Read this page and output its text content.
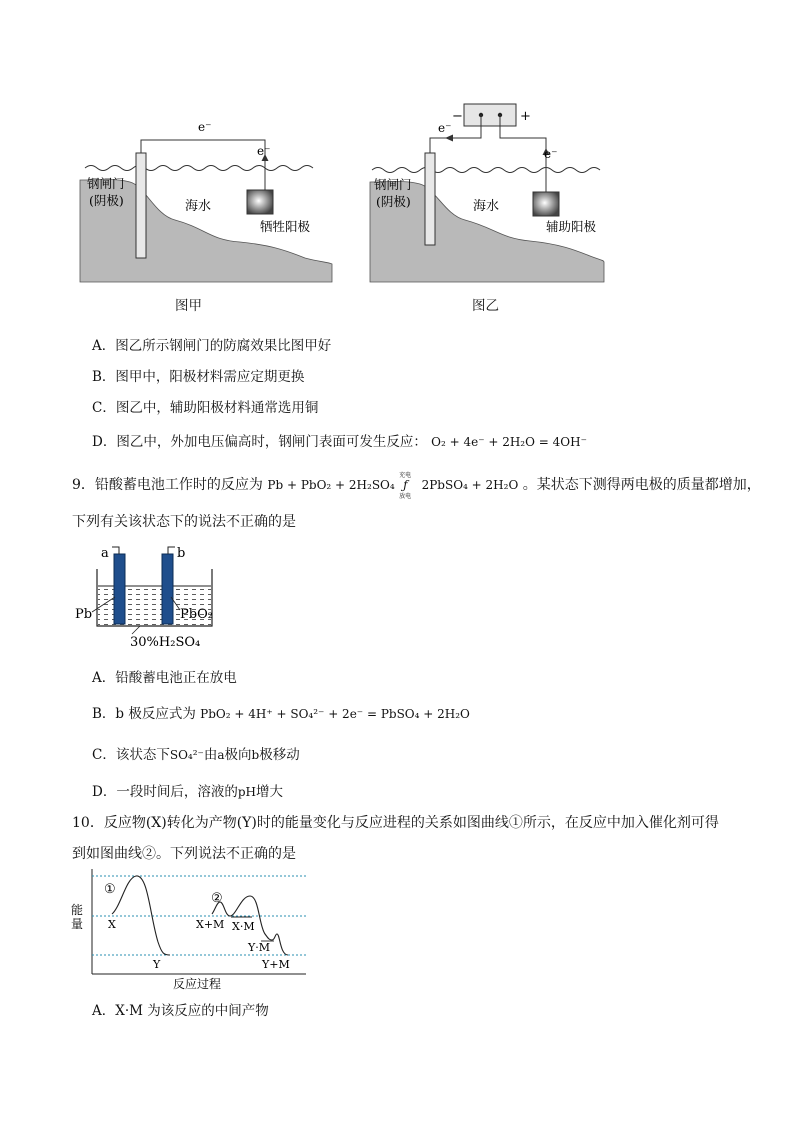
e⁻
e⁻
钢闸门
(阴极)	海水
牺牲阳极
图甲
−	+
e⁻
e⁻
钢闸门
(阴极)	海水
辅助阳极
图乙
A．图乙所示钢闸门的防腐效果比图甲好
B．图甲中，阳极材料需应定期更换
C．图乙中，辅助阳极材料通常选用铜
D．图乙中，外加电压偏高时，钢闸门表面可发生反应： O₂ + 4e⁻ + 2H₂O = 4OH⁻
9．铅酸蓄电池工作时的反应为 Pb + PbO₂ + 2H₂SO₄
充电
ƒ
放电
2PbSO₄ + 2H₂O 。某状态下测得两电极的质量都增加，
下列有关该状态下的说法不正确的是
a	b
Pb	PbO₂
30%H₂SO₄
A．铅酸蓄电池正在放电
B．b 极反应式为 PbO₂ + 4H⁺ + SO₄²⁻ + 2e⁻ = PbSO₄ + 2H₂O
C．该状态下SO₄²⁻由a极向b极移动
D．一段时间后，溶液的pH增大
10．反应物(X)转化为产物(Y)时的能量变化与反应进程的关系如图曲线①所示，在反应中加入催化剂可得
到如图曲线②。下列说法不正确的是
能
量
反应过程
①
②
X
Y
X+M X·M
Y·M
Y+M
A．X·M 为该反应的中间产物
